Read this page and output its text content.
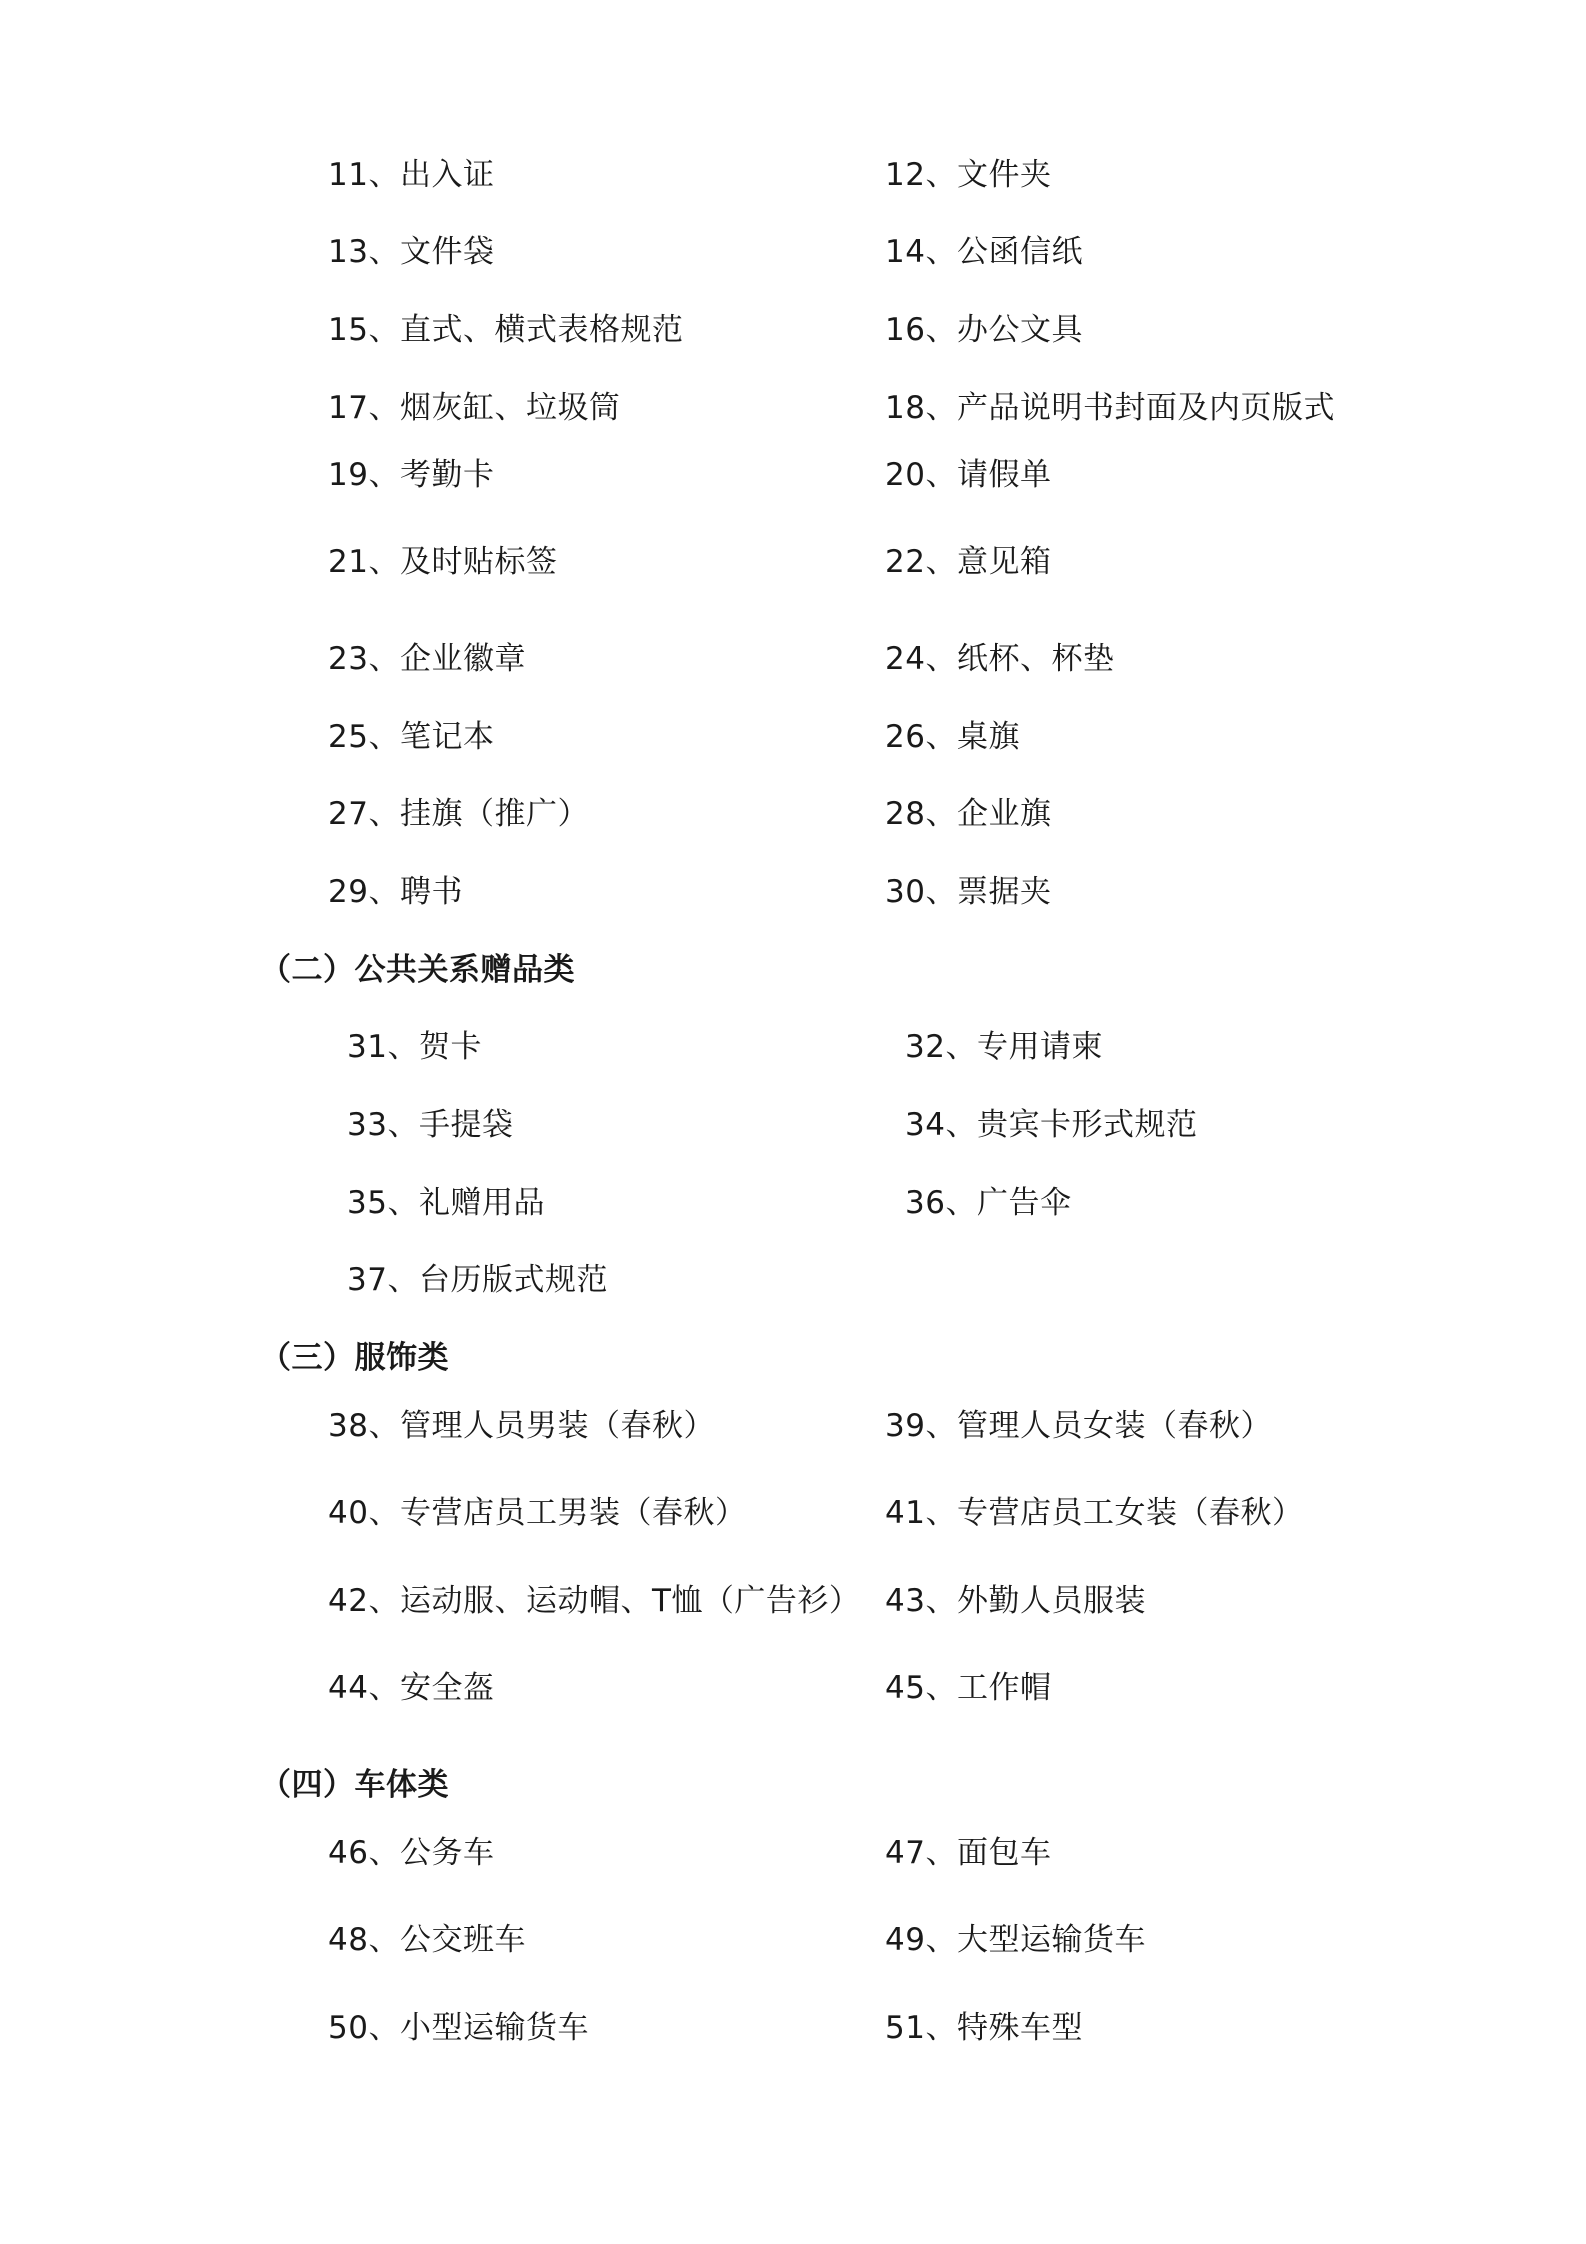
11、出入证	12、文件夹
13、文件袋	14、公函信纸
15、直式、横式表格规范	16、办公文具
17、烟灰缸、垃圾筒	18、产品说明书封面及内页版式
19、考勤卡	20、请假单
21、及时贴标签	22、意见箱
23、企业徽章	24、纸杯、杯垫
25、笔记本	26、桌旗
27、挂旗（推广）	28、企业旗
29、聘书	30、票据夹
（二）公共关系赠品类
31、贺卡	32、专用请柬
33、手提袋	34、贵宾卡形式规范
35、礼赠用品	36、广告伞
37、台历版式规范
（三）服饰类
38、管理人员男装（春秋）	39、管理人员女装（春秋）
40、专营店员工男装（春秋）	41、专营店员工女装（春秋）
42、运动服、运动帽、T恤（广告衫） 43、外勤人员服装
44、安全盔	45、工作帽
（四）车体类
46、公务车	47、面包车
48、公交班车	49、大型运输货车
50、小型运输货车	51、特殊车型
